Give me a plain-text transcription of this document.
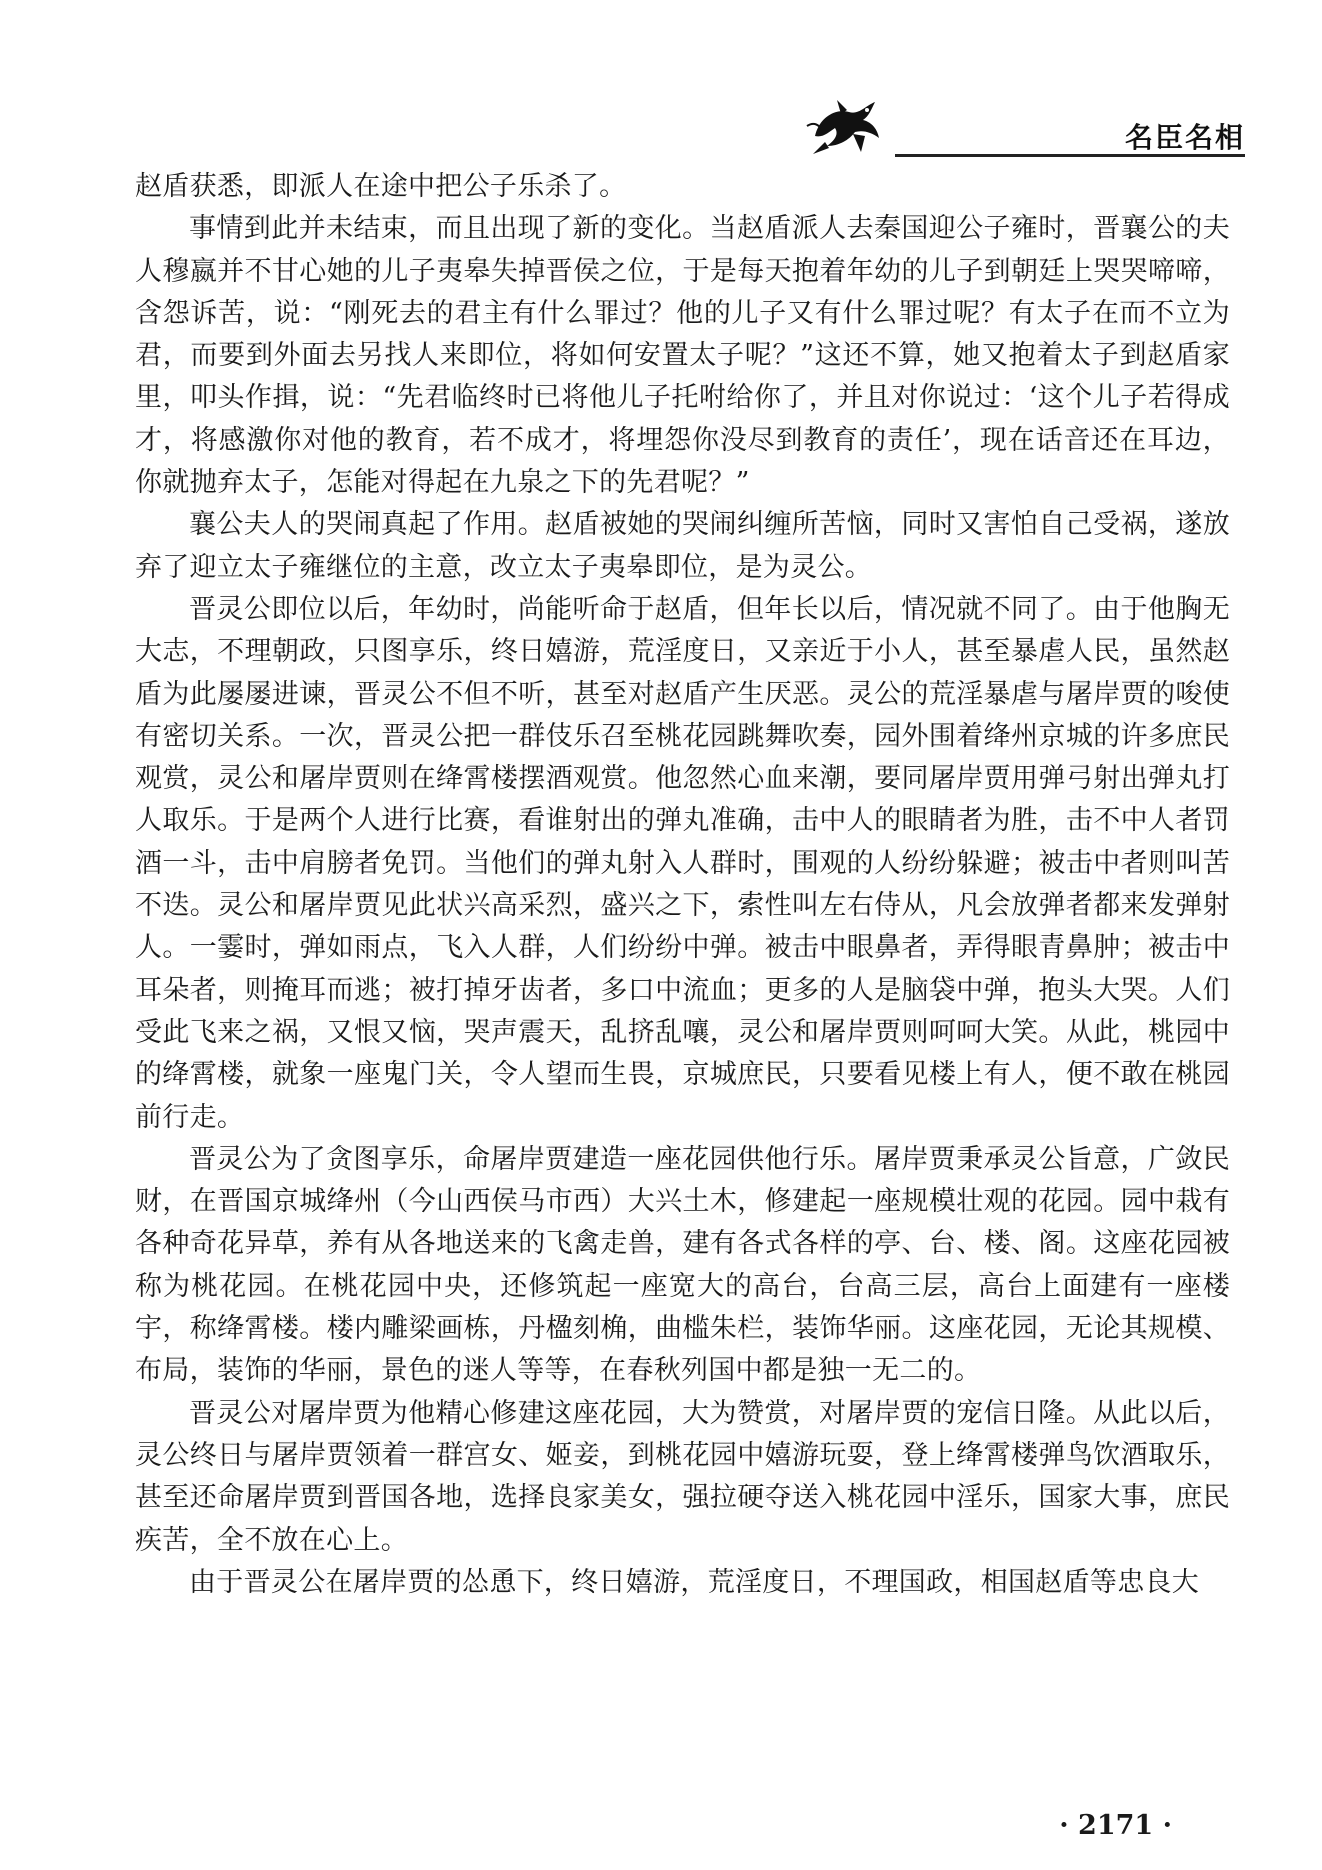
名臣名相

赵盾获悉，即派人在途中把公子乐杀了。

事情到此并未结束，而且出现了新的变化。当赵盾派人去秦国迎公子雍时，晋襄公的夫人穆嬴并不甘心她的儿子夷皋失掉晋侯之位，于是每天抱着年幼的儿子到朝廷上哭哭啼啼，含怨诉苦，说：“刚死去的君主有什么罪过？他的儿子又有什么罪过呢？有太子在而不立为君，而要到外面去另找人来即位，将如何安置太子呢？”这还不算，她又抱着太子到赵盾家里，叩头作揖，说：“先君临终时已将他儿子托咐给你了，并且对你说过：‘这个儿子若得成才，将感激你对他的教育，若不成才，将埋怨你没尽到教育的责任’，现在话音还在耳边，你就抛弃太子，怎能对得起在九泉之下的先君呢？”

襄公夫人的哭闹真起了作用。赵盾被她的哭闹纠缠所苦恼，同时又害怕自己受祸，遂放弃了迎立太子雍继位的主意，改立太子夷皋即位，是为灵公。

晋灵公即位以后，年幼时，尚能听命于赵盾，但年长以后，情况就不同了。由于他胸无大志，不理朝政，只图享乐，终日嬉游，荒淫度日，又亲近于小人，甚至暴虐人民，虽然赵盾为此屡屡进谏，晋灵公不但不听，甚至对赵盾产生厌恶。灵公的荒淫暴虐与屠岸贾的唆使有密切关系。一次，晋灵公把一群伎乐召至桃花园跳舞吹奏，园外围着绛州京城的许多庶民观赏，灵公和屠岸贾则在绛霄楼摆酒观赏。他忽然心血来潮，要同屠岸贾用弹弓射出弹丸打人取乐。于是两个人进行比赛，看谁射出的弹丸准确，击中人的眼睛者为胜，击不中人者罚酒一斗，击中肩膀者免罚。当他们的弹丸射入人群时，围观的人纷纷躲避；被击中者则叫苦不迭。灵公和屠岸贾见此状兴高采烈，盛兴之下，索性叫左右侍从，凡会放弹者都来发弹射人。一霎时，弹如雨点，飞入人群，人们纷纷中弹。被击中眼鼻者，弄得眼青鼻肿；被击中耳朵者，则掩耳而逃；被打掉牙齿者，多口中流血；更多的人是脑袋中弹，抱头大哭。人们受此飞来之祸，又恨又恼，哭声震天，乱挤乱嚷，灵公和屠岸贾则呵呵大笑。从此，桃园中的绛霄楼，就象一座鬼门关，令人望而生畏，京城庶民，只要看见楼上有人，便不敢在桃园前行走。

晋灵公为了贪图享乐，命屠岸贾建造一座花园供他行乐。屠岸贾秉承灵公旨意，广敛民财，在晋国京城绛州（今山西侯马市西）大兴土木，修建起一座规模壮观的花园。园中栽有各种奇花异草，养有从各地送来的飞禽走兽，建有各式各样的亭、台、楼、阁。这座花园被称为桃花园。在桃花园中央，还修筑起一座宽大的高台，台高三层，高台上面建有一座楼宇，称绛霄楼。楼内雕梁画栋，丹楹刻桷，曲槛朱栏，装饰华丽。这座花园，无论其规模、布局，装饰的华丽，景色的迷人等等，在春秋列国中都是独一无二的。

晋灵公对屠岸贾为他精心修建这座花园，大为赞赏，对屠岸贾的宠信日隆。从此以后，灵公终日与屠岸贾领着一群宫女、姬妾，到桃花园中嬉游玩耍，登上绛霄楼弹鸟饮酒取乐，甚至还命屠岸贾到晋国各地，选择良家美女，强拉硬夺送入桃花园中淫乐，国家大事，庶民疾苦，全不放在心上。

由于晋灵公在屠岸贾的怂恿下，终日嬉游，荒淫度日，不理国政，相国赵盾等忠良大

· 2171 ·
